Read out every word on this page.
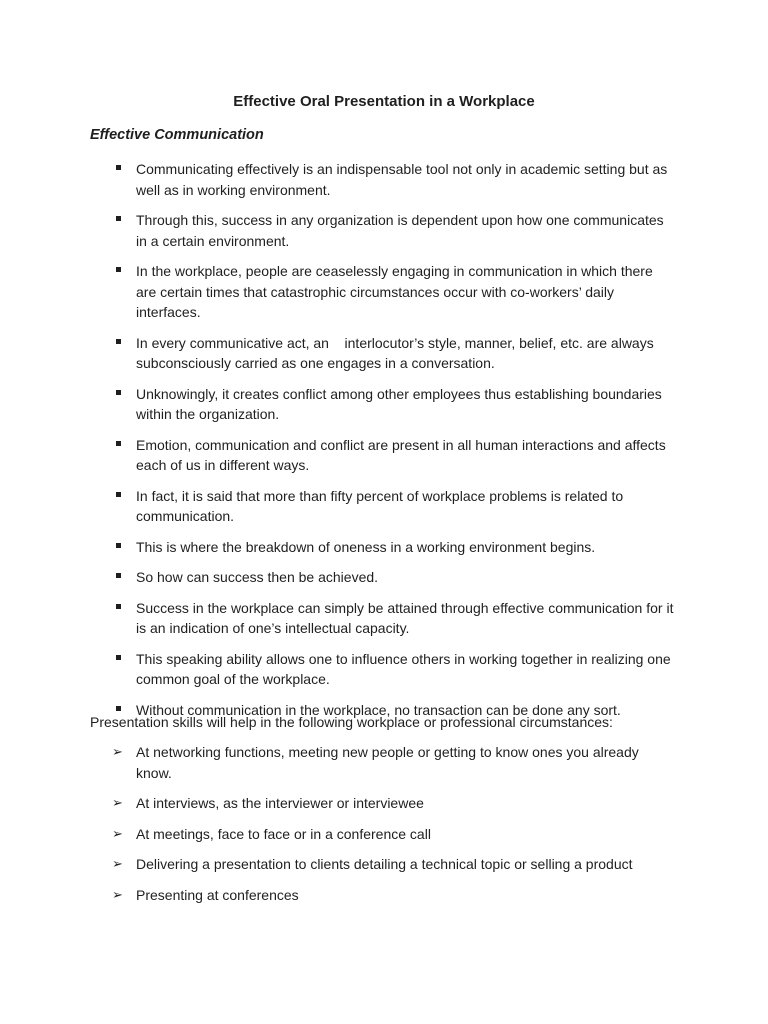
Effective Oral Presentation in a Workplace
Effective Communication
Communicating effectively is an indispensable tool not only in academic setting but as well as in working environment.
Through this, success in any organization is dependent upon how one communicates in a certain environment.
In the workplace, people are ceaselessly engaging in communication in which there are certain times that catastrophic circumstances occur with co-workers’ daily interfaces.
In every communicative act, an    interlocutor’s style, manner, belief, etc. are always subconsciously carried as one engages in a conversation.
Unknowingly, it creates conflict among other employees thus establishing boundaries within the organization.
Emotion, communication and conflict are present in all human interactions and affects each of us in different ways.
In fact, it is said that more than fifty percent of workplace problems is related to communication.
This is where the breakdown of oneness in a working environment begins.
So how can success then be achieved.
Success in the workplace can simply be attained through effective communication for it is an indication of one’s intellectual capacity.
This speaking ability allows one to influence others in working together in realizing one common goal of the workplace.
Without communication in the workplace, no transaction can be done any sort.
Presentation skills will help in the following workplace or professional circumstances:
➢ At networking functions, meeting new people or getting to know ones you already know.
➢ At interviews, as the interviewer or interviewee
➢ At meetings, face to face or in a conference call
➢ Delivering a presentation to clients detailing a technical topic or selling a product
➢ Presenting at conferences
